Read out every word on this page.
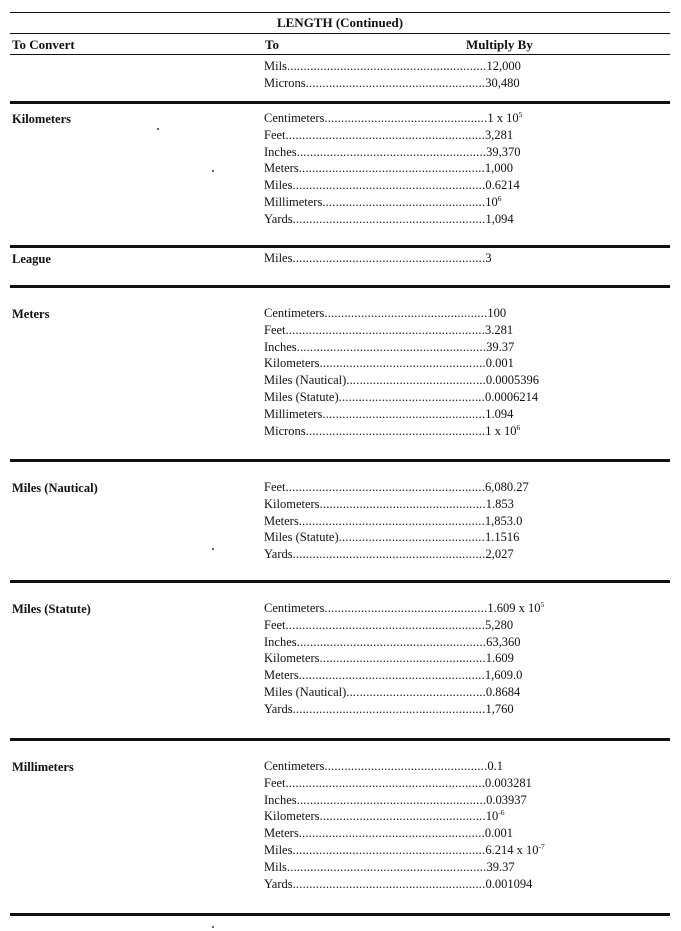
LENGTH (Continued)
To Convert	To	Multiply By
Mils............................................................12,000
Microns......................................................30,480
Kilometers	Centimeters.................................................1 x $10^5$
Feet............................................................3,281
Inches.........................................................39,370
Meters........................................................1,000
Miles..........................................................0.6214
Millimeters.................................................10$^6$
Yards..........................................................1,094
League	Miles..........................................................3
Meters	Centimeters.................................................100
Feet............................................................3.281
Inches.........................................................39.37
Kilometers..................................................0.001
Miles (Nautical)..........................................0.0005396
Miles (Statute)............................................0.0006214
Millimeters.................................................1.094
Microns......................................................1 x $10^6$
Miles (Nautical)	Feet............................................................6,080.27
Kilometers..................................................1.853
Meters........................................................1,853.0
Miles (Statute)............................................1.1516
Yards..........................................................2,027
Miles (Statute)	Centimeters.................................................1.609 x $10^5$
Feet............................................................5,280
Inches.........................................................63,360
Kilometers..................................................1.609
Meters........................................................1,609.0
Miles (Nautical)..........................................0.8684
Yards..........................................................1,760
Millimeters	Centimeters.................................................0.1
Feet............................................................0.003281
Inches.........................................................0.03937
$Kilometers..................................................10^{-6}$
Meters........................................................0.001
Miles..........................................................6.214 x $10^{-7}$
Mils............................................................39.37
Yards..........................................................0.001094
